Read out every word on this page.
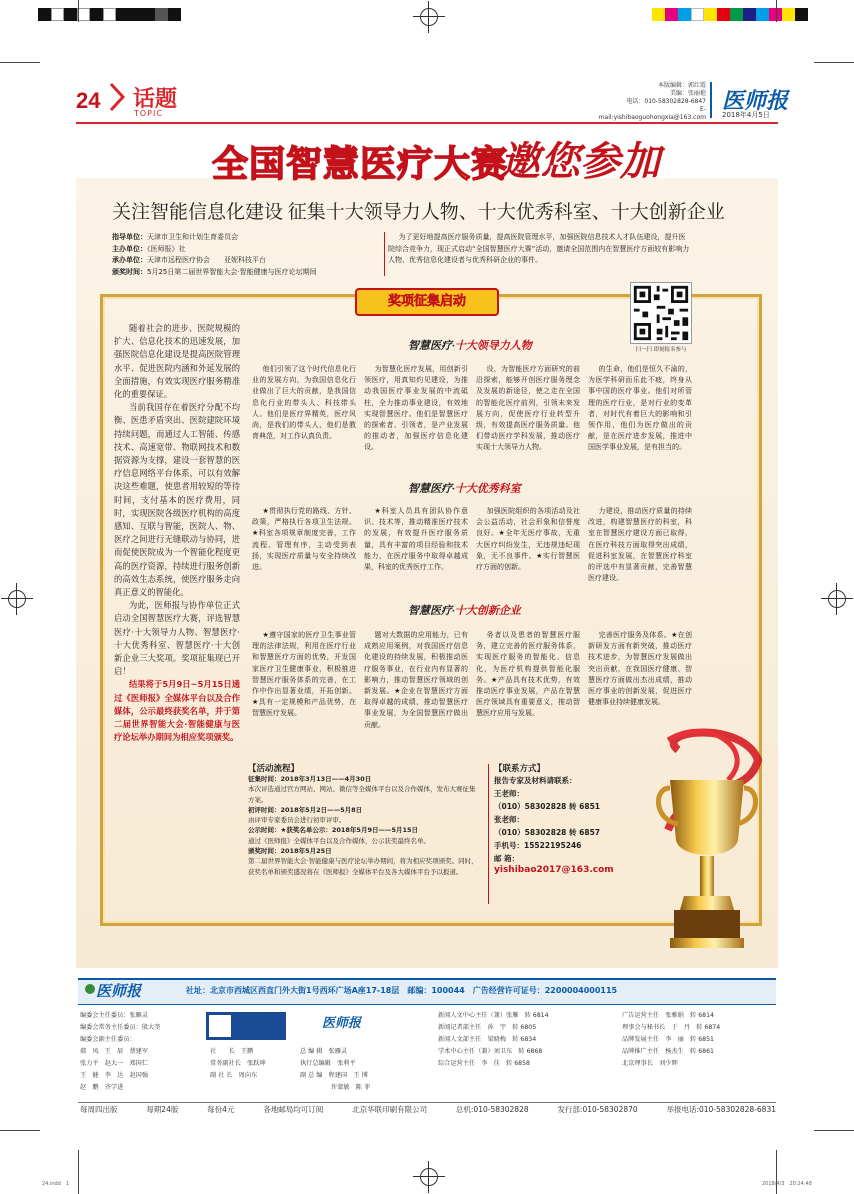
24 话题
TOPIC
本版编辑：郭红霞
美编：张丽艳
电话：010-58302828-6847
E-mail:yishibaoguohongxia@163.com
医师报
2018年4月5日
全国智慧医疗大赛
邀您参加
关注智能信息化建设 征集十大领导力人物、十大优秀科室、十大创新企业
指导单位：天津市卫生和计划生育委员会
主办单位：《医师报》社
承办单位：天津市远程医疗协会　　亚妮科技平台
颁奖时间：5月25日第二届世界智能大会·智能健康与医疗论坛期间
为了更好地提高医疗服务质量，提高医院管理水平，加强医院信息技术人才队伍建设，提升医院综合竞争力，现正式启动“全国智慧医疗大赛”活动，邀请全国范围内在智慧医疗方面较有影响力人物、优秀信息化建设者与优秀科研企业的事件。
奖项征集启动
扫一扫 即刻报名参与

随着社会的进步、医院规模的扩大、信息化技术的迅速发展，加强医院信息化建设是提高医院管理水平、促进医院内涵和外延发展的全面措施，有效实现医疗服务精准化的重要保证。

当前我国存在着医疗分配不均衡、医患矛盾突出、医院建院环境持续问题，而通过人工智能、传感技术、高速宽带、物联网技术和数据资源为支撑，建设一套智慧的医疗信息网络平台体系，可以有效解决这些难题，使患者用较短的等待时间，支付基本的医疗费用，同时，实现医院各级医疗机构的高度感知、互联与智能，医院人、物、医疗之间进行无缝联动与协同，进而促使医院成为一个智能化程度更高的医疗资源，持续进行服务创新的高效生态系统，使医疗服务走向真正意义的智能化。

为此，医师报与协作单位正式启动全国智慧医疗大赛，评选智慧医疗·十大领导力人物、智慧医疗·十大优秀科室、智慧医疗·十大创新企业三大奖项。奖项征集现已开启！

结果将于5月9日~5月15日通过《医师报》全媒体平台以及合作媒体，公示最终获奖名单，并于第二届世界智能大会·智能健康与医疗论坛举办期间为相应奖项颁奖。

智慧医疗·十大领导力人物

他们引领了这个时代信息化行业的发展方向，为我国信息化行业做出了巨大的贡献，是我国信息化行业的带头人、科技带头人。他们是医疗界精英，医疗风尚，是我们的带头人，他们是教育典范，对工作认真负责。

为智慧化医疗发展，用创新引领医疗，用真知灼见建设，为推动我国医疗事业发展的中流砥柱，全力推动事业建设，有效地实现智慧医疗。他们是智慧医疗的探索者、引领者，是产业发展的推动者，加强医疗信息化建设。

设，为智能医疗方面研究的前沿探索，能够开创医疗服务理念及发展的新途径，使之走在全国的智能化医疗前列，引领未来发展方向，促使医疗行业转型升级，有效提高医疗服务质量。他们带动医疗学科发展，推动医疗实现十大领导力人物。

的生命，他们是恒久不渝的，为医学科研而乐此不疲，终身从事中国的医疗事业。他们对所管理的医疗行业，是对行业的变革者，对时代有着巨大的影响和引领作用，他们为医疗做出的贡献，是在医疗进步发展，推进中国医学事业发展，是有担当的。

智慧医疗·十大优秀科室

★贯彻执行党的路线、方针、政策，严格执行各项卫生法规。★科室各项规章制度完善，工作流程、管理有序，主动受到表扬，实现医疗质量与安全持续改进。

★科室人员具有团队协作意识、技术等，推动精准医疗技术的发展，有效提升医疗服务质量，具有丰富的项目经验和技术能力，在医疗服务中取得卓越成果，科室的优秀医疗工作。

加强医院组织的各项活动及社会公益活动，社会形象和信誉度良好。★全年无医疗事故，无重大医疗纠纷发生，无违规违纪现象，无不良事件。★实行智慧医疗方面的创新。

力建设，推动医疗质量的持续改进，构建智慧医疗的科室，科室在智慧医疗建设方面已取得，在医疗科技方面取得突出成绩，促进科室发展，在智慧医疗科室的评选中有显著贡献，完善智慧医疗建设。

智慧医疗·十大创新企业

★遵守国家的医疗卫生事业管理的法律法规，利用在医疗行业和智慧医疗方面的优势，开发国家医疗卫生健康事业，积极推进智慧医疗服务体系的完善，在工作中作出显著业绩，开拓创新。★具有一定规模和产品优势，在智慧医疗发展。

题对大数据的应用能力，已有成熟应用案例，对我国医疗信息化建设的持续发展，积极推动医疗服务事业，在行业内有显著的影响力，推动智慧医疗领域的创新发展。★企业在智慧医疗方面取得卓越的成绩，推动智慧医疗事业发展，为全国智慧医疗做出贡献。

务者以及患者的智慧医疗服务，建立完善的医疗服务体系，实现医疗服务的智能化、信息化，为医疗机构提供智能化服务。★产品具有技术优势，有效推动医疗事业发展，产品在智慧医疗领域具有重要意义，推动智慧医疗应用与发展。

完善医疗服务及体系。★在创新研发方面有新突破，推动医疗技术进步，为智慧医疗发展做出突出贡献，在我国医疗健康、智慧医疗方面做出杰出成绩，推动医疗事业的创新发展，促进医疗健康事业持续健康发展。

【活动流程】
征集时间：2018年3月13日——4月30日
本次评选通过官方网站、网站、微信等全媒体平台以及合作媒体，发布大赛征集方案。
初评时间：2018年5月2日——5月8日
由评审专家委员会进行初审评审。
公示时间：★获奖名单公示：2018年5月9日——5月15日
通过《医师报》全媒体平台以及合作媒体，公示获奖最终名单。
颁奖时间：2018年5月25日
第二届世界智能大会·智能健康与医疗论坛举办期间，将为相应奖项颁奖。同时，获奖名单和颁奖盛况将在《医师报》全媒体平台及各大媒体平台予以报道。
【联系方式】
报告专家及材料请联系：
王老师：
（010）58302828 转 6851
张老师：
（010）58302828 转 6857
手机号：15522195246
邮 箱：
yishibao2017@163.com
医师报	社址：北京市西城区西直门外大街1号西环广场A座17-18层　邮编：100044　广告经营许可证号：2200004000115
编委会主任委员：张雁灵
编委会常务主任委员：殷大奎
编委会副主任委员：
郝　凤　王　辰　蔡建军
张力平　赵大一　郑国仁
王　健　李　达　赵国强
赵　鹏　齐学进
社　　长　王鹏
常务副社长　张跃坤
副 社 长　周向东
医师报
总 编 辑　张雁灵
执行总编辑　张利平
副 总 编　程建国　王 博
　　　　　许蒙敏　陈 菲
新闻人文中心主任（兼）张雁　转 6814
新闻记者部主任　孙　宇　转 6805
新闻人文部主任　梁晓梅　转 6834
学术中心主任（兼）刘卫东　转 6868
综合运营主任　李　佳　转 6858
广告运营主任　张雅娟　转 6814
理事会与秘书长　于　丹　转 6874
品牌发展主任　李　丽　转 6851
品牌推广主任　杨杰生　转 6861
北京理事长　刘少辉
每周四出版	每期24版	每份4元	各地邮局均可订阅	北京华联印刷有限公司	总机:010-58302828	发行部:010-58302870	举报电话:010-58302828-6831
24.indd　1	2018/4/3　20:24:48
